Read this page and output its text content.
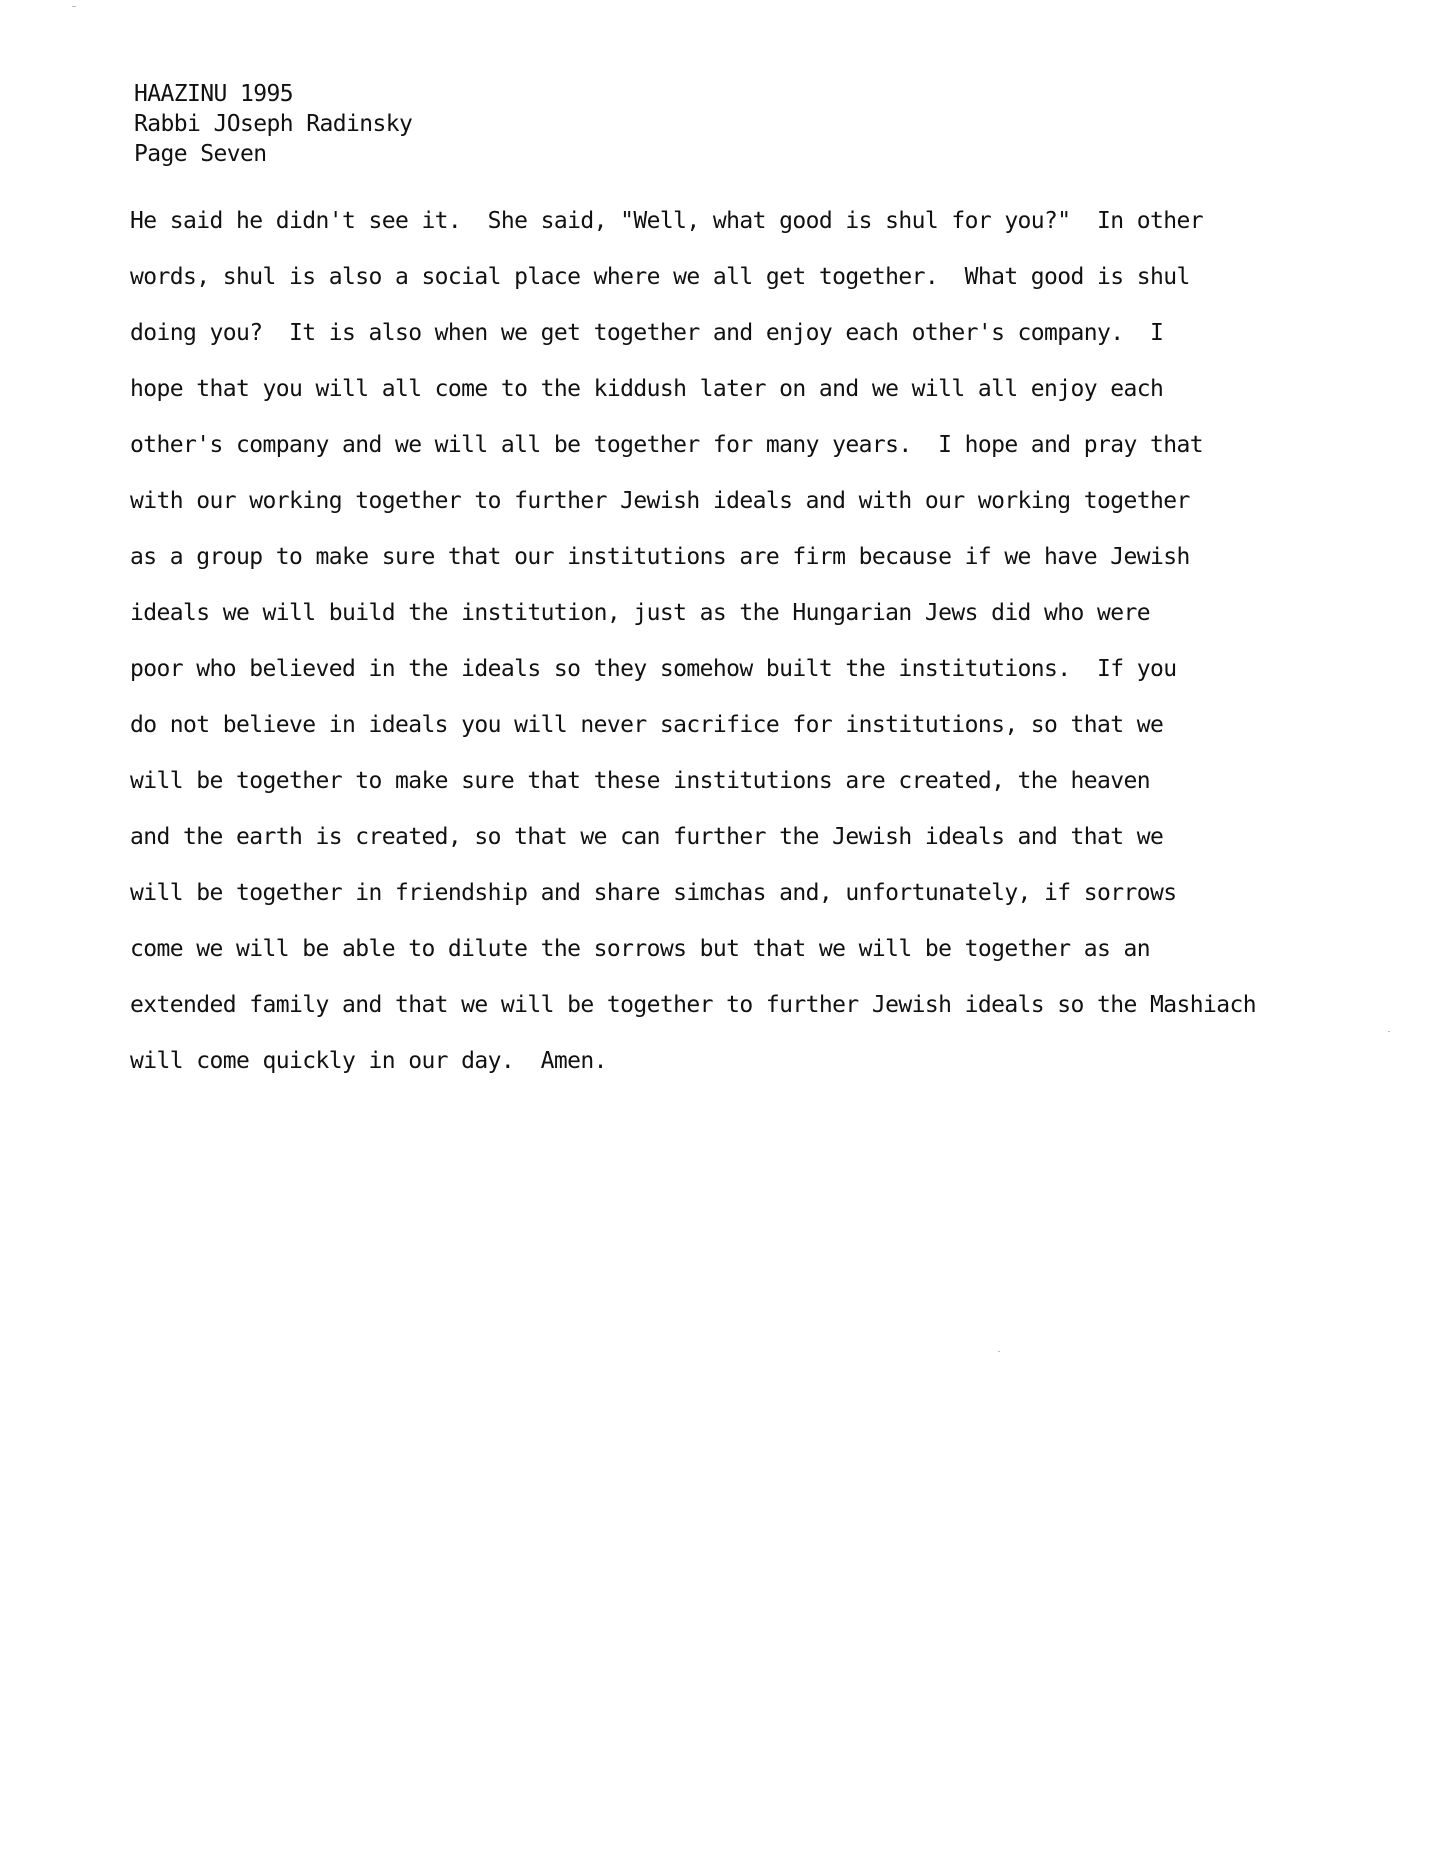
HAAZINU 1995
Rabbi JOseph Radinsky
Page Seven
He said he didn't see it.  She said, "Well, what good is shul for you?"  In other
words, shul is also a social place where we all get together.  What good is shul
doing you?  It is also when we get together and enjoy each other's company.  I
hope that you will all come to the kiddush later on and we will all enjoy each
other's company and we will all be together for many years.  I hope and pray that
with our working together to further Jewish ideals and with our working together
as a group to make sure that our institutions are firm because if we have Jewish
ideals we will build the institution, just as the Hungarian Jews did who were
poor who believed in the ideals so they somehow built the institutions.  If you
do not believe in ideals you will never sacrifice for institutions, so that we
will be together to make sure that these institutions are created, the heaven
and the earth is created, so that we can further the Jewish ideals and that we
will be together in friendship and share simchas and, unfortunately, if sorrows
come we will be able to dilute the sorrows but that we will be together as an
extended family and that we will be together to further Jewish ideals so the Mashiach
will come quickly in our day.  Amen.
